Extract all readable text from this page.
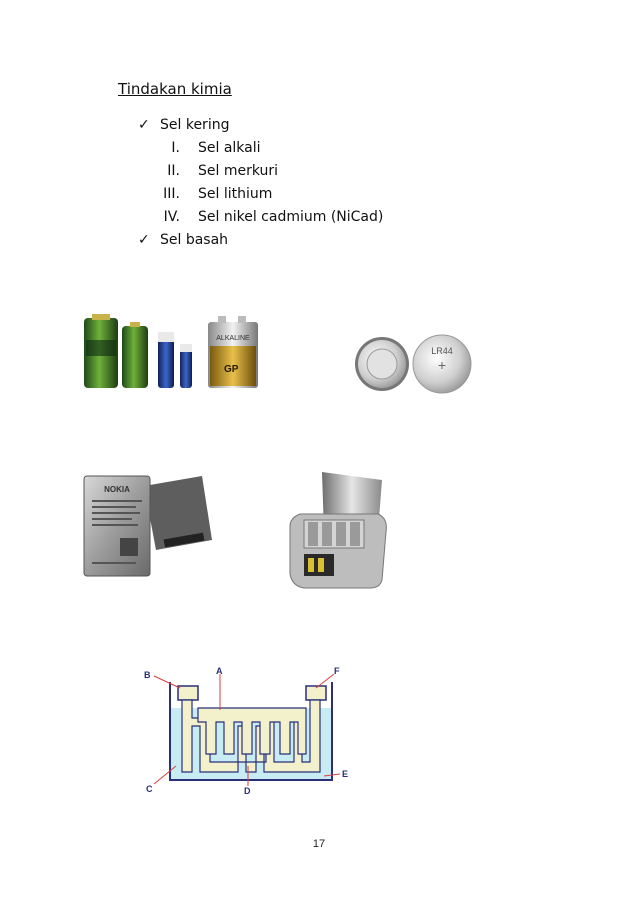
Tindakan kimia
✓ Sel kering
I. Sel alkali
II. Sel merkuri
III. Sel lithium
IV. Sel nikel cadmium (NiCad)
✓ Sel basah
ALKALINE
GP
LR44
+
NOKIA
A
B
C	D
E
F
17
